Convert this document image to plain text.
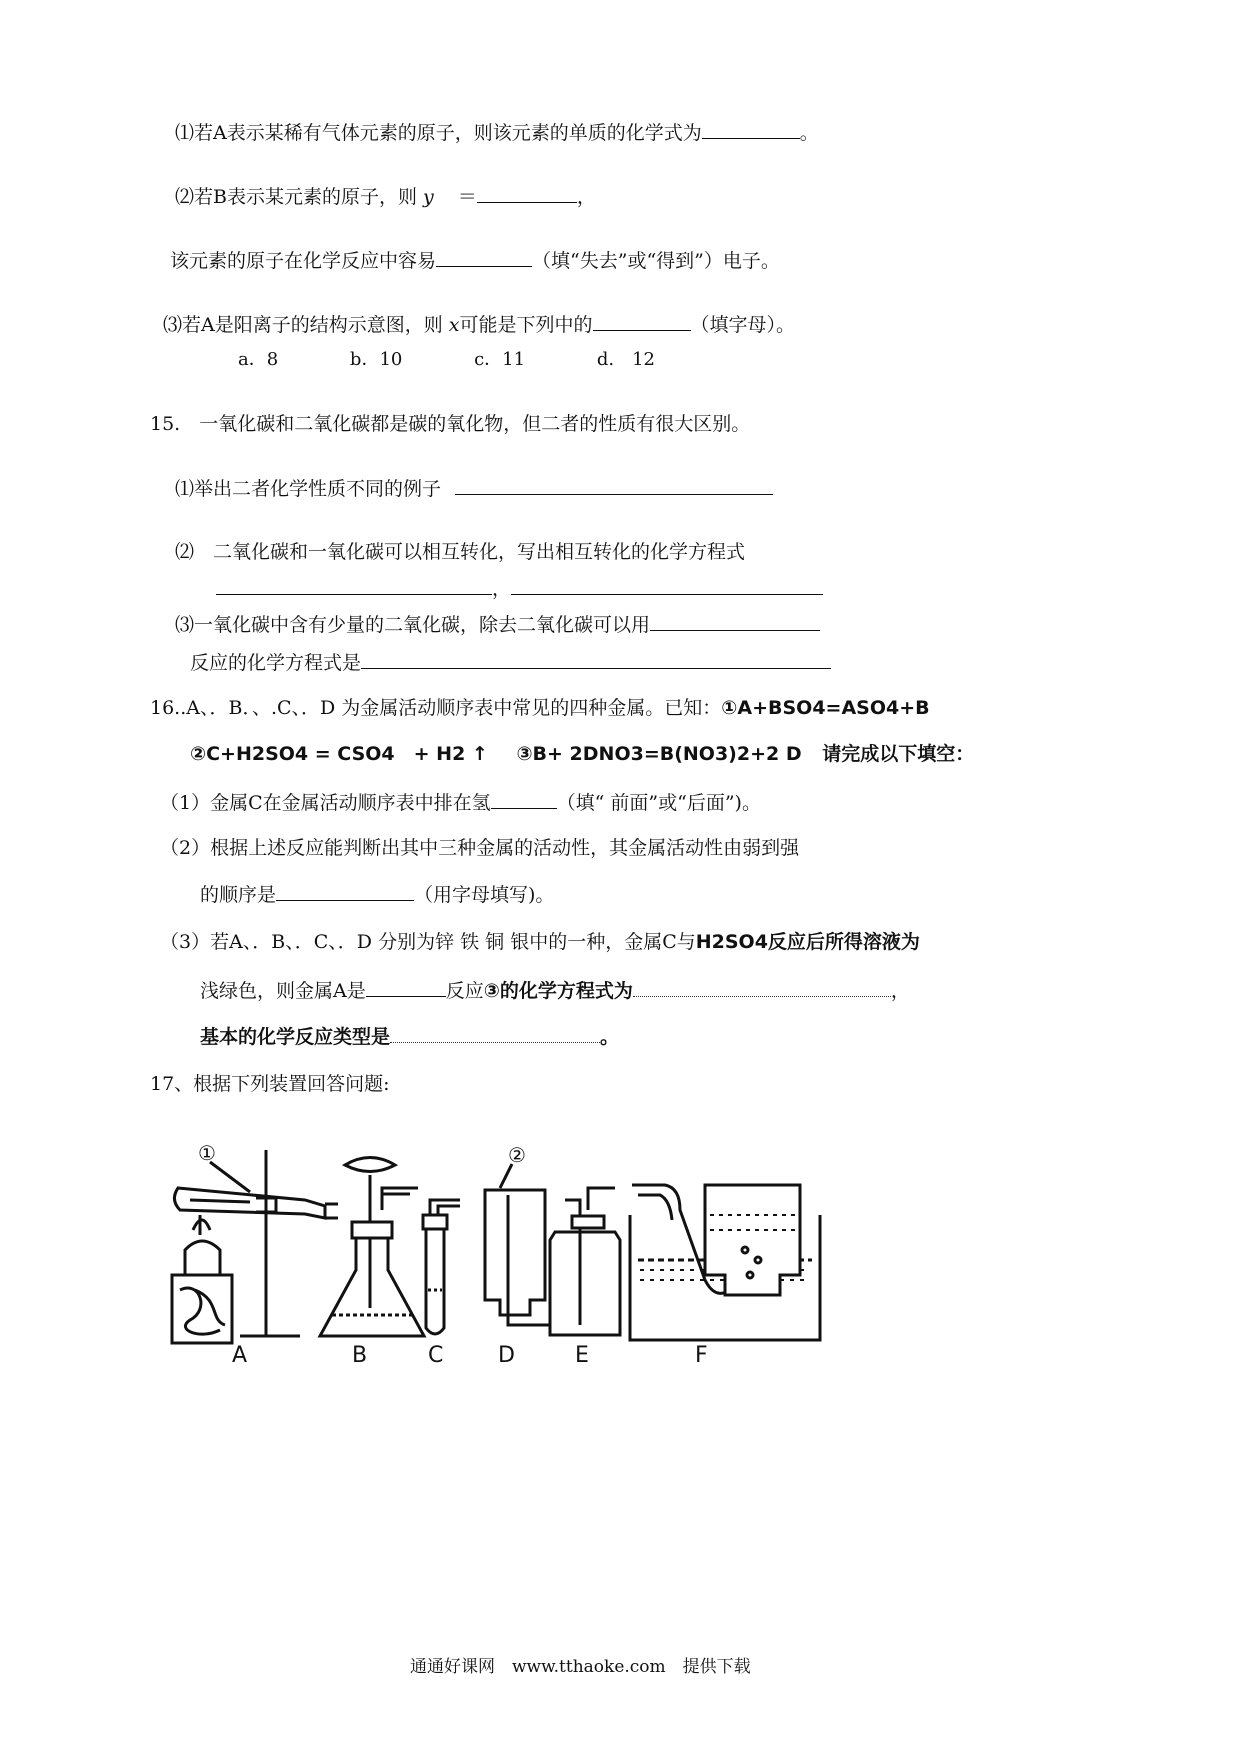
⑴若A表示某稀有气体元素的原子，则该元素的单质的化学式为	。
⑵若B表示某元素的原子，则 y ＝	，
该元素的原子在化学反应中容易	（填“失去”或“得到”）电子。
⑶若A是阳离子的结构示意图，则 x可能是下列中的	（填字母）。
a．8	b．10	c．11	d.　12
15.　一氧化碳和二氧化碳都是碳的氧化物，但二者的性质有很大区别。
⑴举出二者化学性质不同的例子
⑵　二氧化碳和一氧化碳可以相互转化，写出相互转化的化学方程式
，
⑶一氧化碳中含有少量的二氧化碳，除去二氧化碳可以用
反应的化学方程式是
16..A、．B．、.C、．D 为金属活动顺序表中常见的四种金属。已知：①A+BSO4=ASO4+B
②C+H2SO4 = CSO4　+ H2 ↑ ③B+ 2DNO3=B(NO3)2+2 D 请完成以下填空：
（1）金属C在金属活动顺序表中排在氢	（填“ 前面”或“后面”)。
（2）根据上述反应能判断出其中三种金属的活动性，其金属活动性由弱到强
的顺序是	（用字母填写)。
（3）若A、．B、．C、．D 分别为锌 铁 铜 银中的一种，金属C与H2SO4反应后所得溶液为
浅绿色，则金属A是	反应③的化学方程式为	，
基本的化学反应类型是	。
17、根据下列装置回答问题:
①	②
A	B	C D	E	F
通通好课网　www.tthaoke.com　提供下载
